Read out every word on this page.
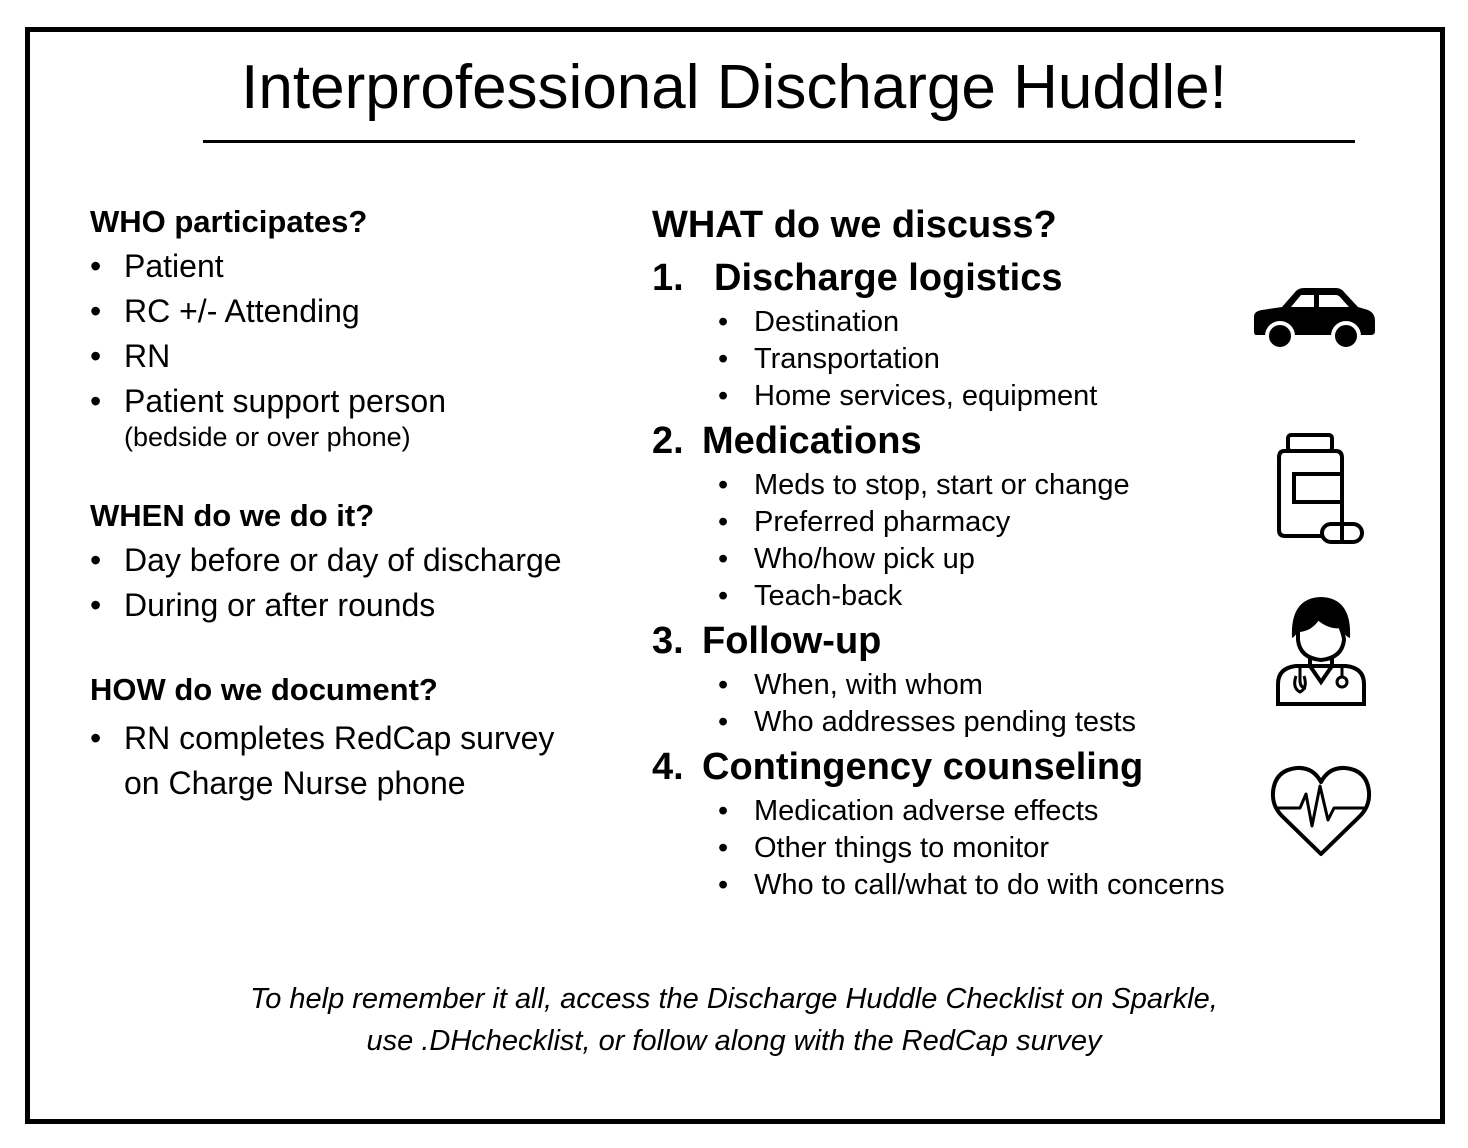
Interprofessional Discharge Huddle!
WHO participates?
• Patient
• RC +/- Attending
• RN
• Patient support person
(bedside or over phone)
WHEN do we do it?
• Day before or day of discharge
• During or after rounds
HOW do we document?
• RN completes RedCap survey on Charge Nurse phone
WHAT do we discuss?
1. Discharge logistics
• Destination
• Transportation
• Home services, equipment
2. Medications
• Meds to stop, start or change
• Preferred pharmacy
• Who/how pick up
• Teach-back
3. Follow-up
• When, with whom
• Who addresses pending tests
4. Contingency counseling
• Medication adverse effects
• Other things to monitor
• Who to call/what to do with concerns
To help remember it all, access the Discharge Huddle Checklist on Sparkle,
use .DHchecklist, or follow along with the RedCap survey
